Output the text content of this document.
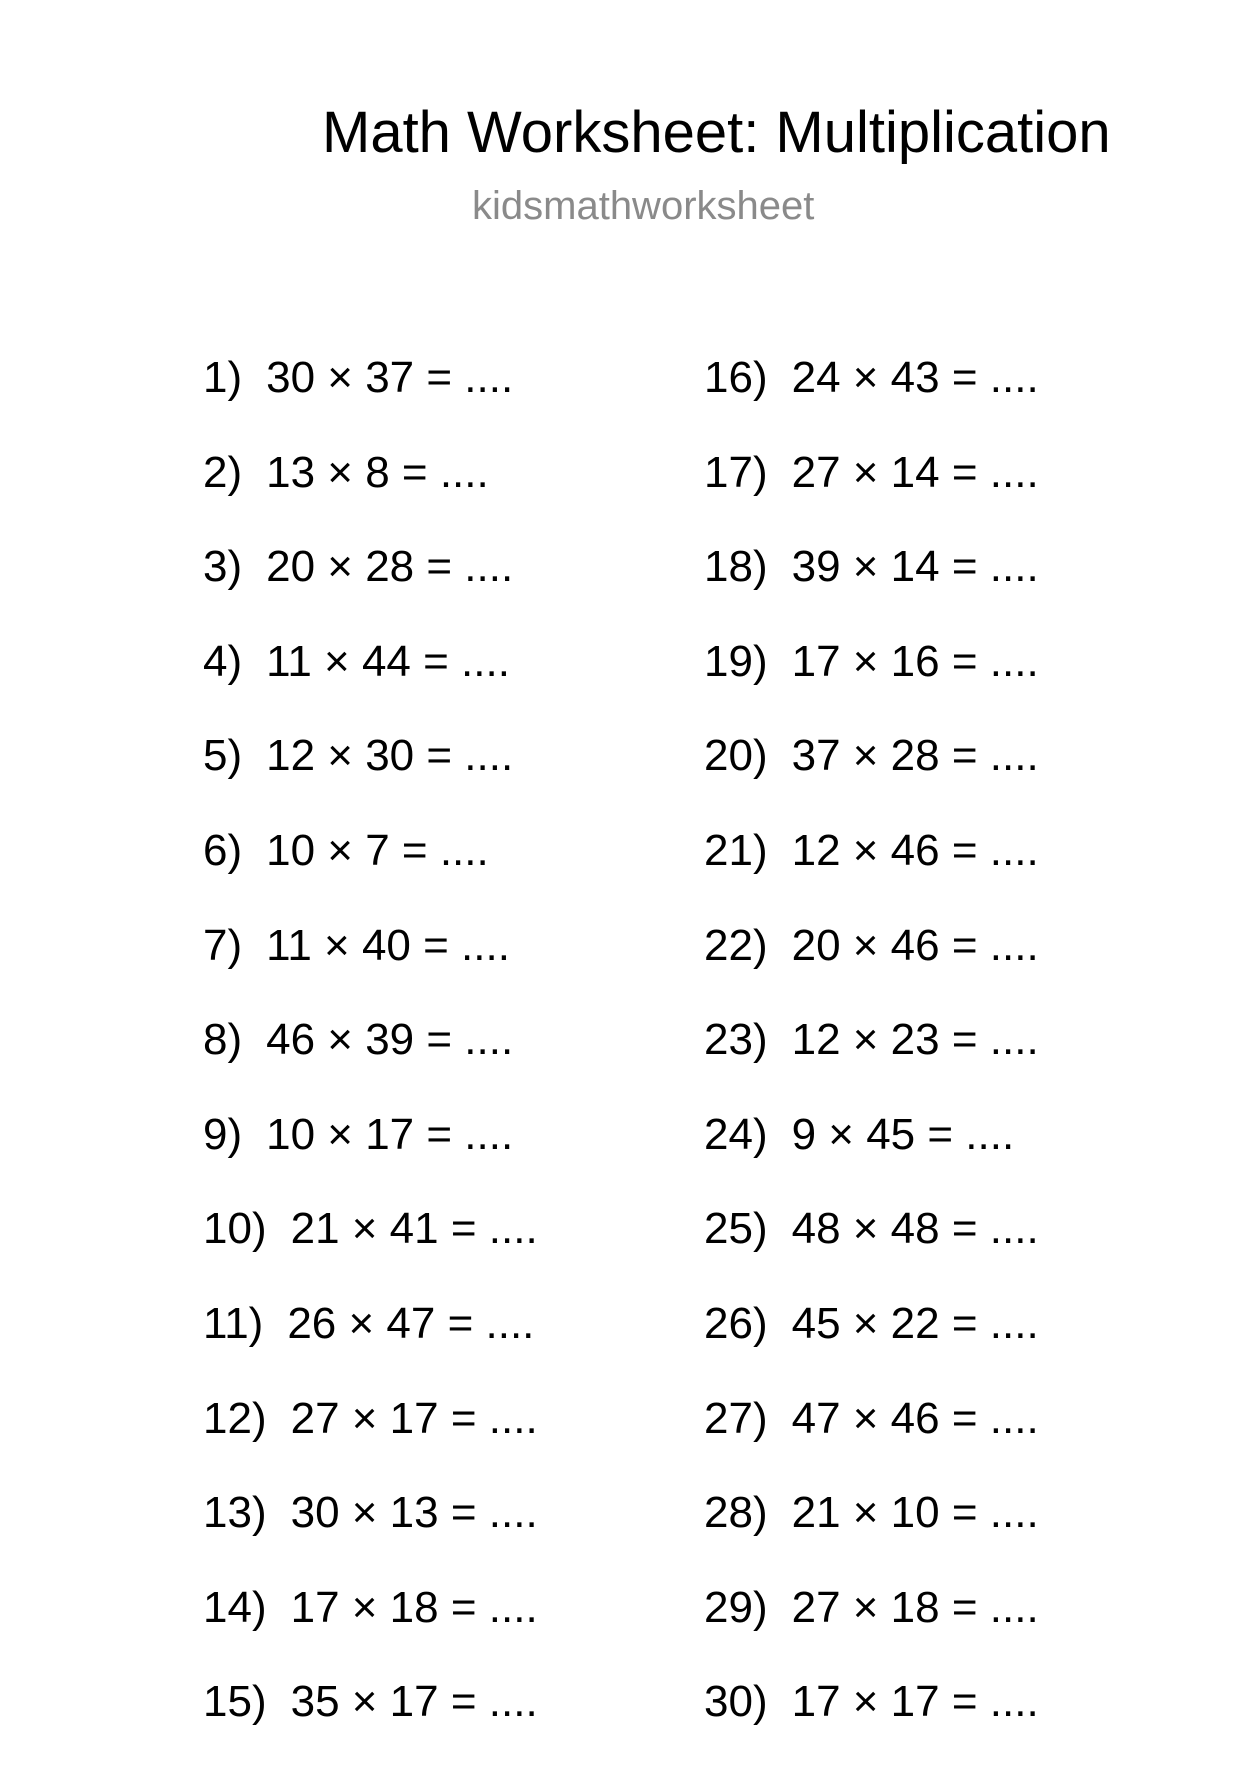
Math Worksheet: Multiplication
kidsmathworksheet
1) 30 × 37 = ....
2) 13 × 8 = ....
3) 20 × 28 = ....
4) 11 × 44 = ....
5) 12 × 30 = ....
6) 10 × 7 = ....
7) 11 × 40 = ....
8) 46 × 39 = ....
9) 10 × 17 = ....
10) 21 × 41 = ....
11) 26 × 47 = ....
12) 27 × 17 = ....
13) 30 × 13 = ....
14) 17 × 18 = ....
15) 35 × 17 = ....
16) 24 × 43 = ....
17) 27 × 14 = ....
18) 39 × 14 = ....
19) 17 × 16 = ....
20) 37 × 28 = ....
21) 12 × 46 = ....
22) 20 × 46 = ....
23) 12 × 23 = ....
24) 9 × 45 = ....
25) 48 × 48 = ....
26) 45 × 22 = ....
27) 47 × 46 = ....
28) 21 × 10 = ....
29) 27 × 18 = ....
30) 17 × 17 = ....
